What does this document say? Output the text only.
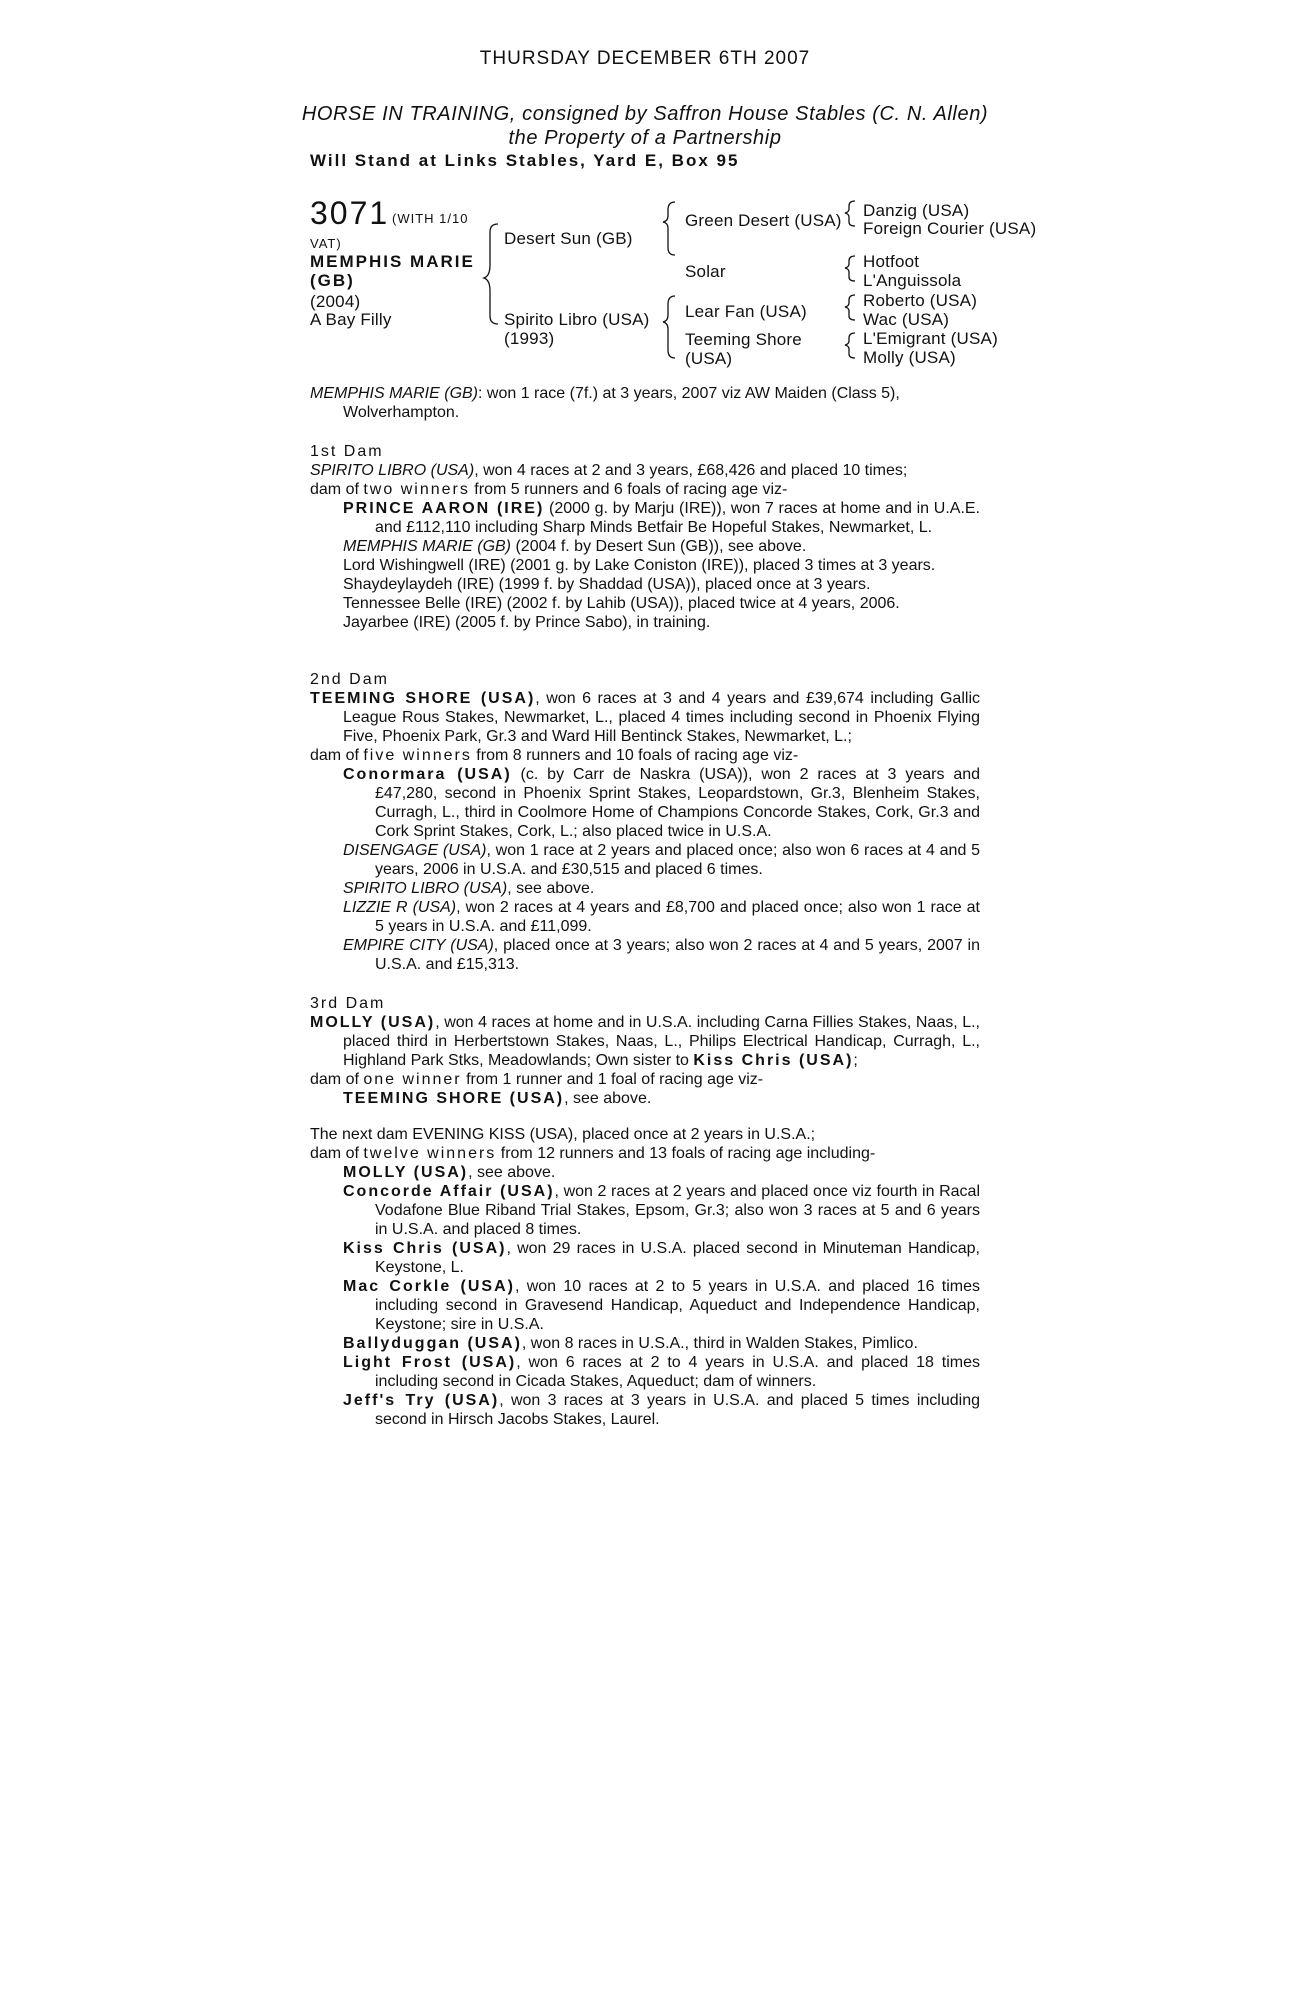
THURSDAY DECEMBER 6TH 2007
HORSE IN TRAINING, consigned by Saffron House Stables (C. N. Allen)
the Property of a Partnership
Will Stand at Links Stables, Yard E, Box 95
3071 (WITH 1/10
VAT)
MEMPHIS MARIE
(GB)
(2004)
A Bay Filly
Desert Sun (GB)
Spirito Libro (USA)
(1993)
Green Desert (USA)
Solar
Lear Fan (USA)
Teeming Shore
(USA)
Danzig (USA)
Foreign Courier (USA)
Hotfoot
L'Anguissola
Roberto (USA)
Wac (USA)
L'Emigrant (USA)
Molly (USA)

MEMPHIS MARIE (GB): won 1 race (7f.) at 3 years, 2007 viz AW Maiden (Class 5), Wolverhampton.

1st Dam

SPIRITO LIBRO (USA), won 4 races at 2 and 3 years, £68,426 and placed 10 times;

dam of two winners from 5 runners and 6 foals of racing age viz-

PRINCE AARON (IRE) (2000 g. by Marju (IRE)), won 7 races at home and in U.A.E. and £112,110 including Sharp Minds Betfair Be Hopeful Stakes, Newmarket, L.

MEMPHIS MARIE (GB) (2004 f. by Desert Sun (GB)), see above.

Lord Wishingwell (IRE) (2001 g. by Lake Coniston (IRE)), placed 3 times at 3 years.

Shaydeylaydeh (IRE) (1999 f. by Shaddad (USA)), placed once at 3 years.

Tennessee Belle (IRE) (2002 f. by Lahib (USA)), placed twice at 4 years, 2006.

Jayarbee (IRE) (2005 f. by Prince Sabo), in training.

2nd Dam

TEEMING SHORE (USA), won 6 races at 3 and 4 years and £39,674 including Gallic League Rous Stakes, Newmarket, L., placed 4 times including second in Phoenix Flying Five, Phoenix Park, Gr.3 and Ward Hill Bentinck Stakes, Newmarket, L.;

dam of five winners from 8 runners and 10 foals of racing age viz-

Conormara (USA) (c. by Carr de Naskra (USA)), won 2 races at 3 years and £47,280, second in Phoenix Sprint Stakes, Leopardstown, Gr.3, Blenheim Stakes, Curragh, L., third in Coolmore Home of Champions Concorde Stakes, Cork, Gr.3 and Cork Sprint Stakes, Cork, L.; also placed twice in U.S.A.

DISENGAGE (USA), won 1 race at 2 years and placed once; also won 6 races at 4 and 5 years, 2006 in U.S.A. and £30,515 and placed 6 times.

SPIRITO LIBRO (USA), see above.

LIZZIE R (USA), won 2 races at 4 years and £8,700 and placed once; also won 1 race at 5 years in U.S.A. and £11,099.

EMPIRE CITY (USA), placed once at 3 years; also won 2 races at 4 and 5 years, 2007 in U.S.A. and £15,313.

3rd Dam

MOLLY (USA), won 4 races at home and in U.S.A. including Carna Fillies Stakes, Naas, L., placed third in Herbertstown Stakes, Naas, L., Philips Electrical Handicap, Curragh, L., Highland Park Stks, Meadowlands; Own sister to Kiss Chris (USA);

dam of one winner from 1 runner and 1 foal of racing age viz-

TEEMING SHORE (USA), see above.

The next dam EVENING KISS (USA), placed once at 2 years in U.S.A.;

dam of twelve winners from 12 runners and 13 foals of racing age including-

MOLLY (USA), see above.

Concorde Affair (USA), won 2 races at 2 years and placed once viz fourth in Racal Vodafone Blue Riband Trial Stakes, Epsom, Gr.3; also won 3 races at 5 and 6 years in U.S.A. and placed 8 times.

Kiss Chris (USA), won 29 races in U.S.A. placed second in Minuteman Handicap, Keystone, L.

Mac Corkle (USA), won 10 races at 2 to 5 years in U.S.A. and placed 16 times including second in Gravesend Handicap, Aqueduct and Independence Handicap, Keystone; sire in U.S.A.

Ballyduggan (USA), won 8 races in U.S.A., third in Walden Stakes, Pimlico.

Light Frost (USA), won 6 races at 2 to 4 years in U.S.A. and placed 18 times including second in Cicada Stakes, Aqueduct; dam of winners.

Jeff's Try (USA), won 3 races at 3 years in U.S.A. and placed 5 times including second in Hirsch Jacobs Stakes, Laurel.
